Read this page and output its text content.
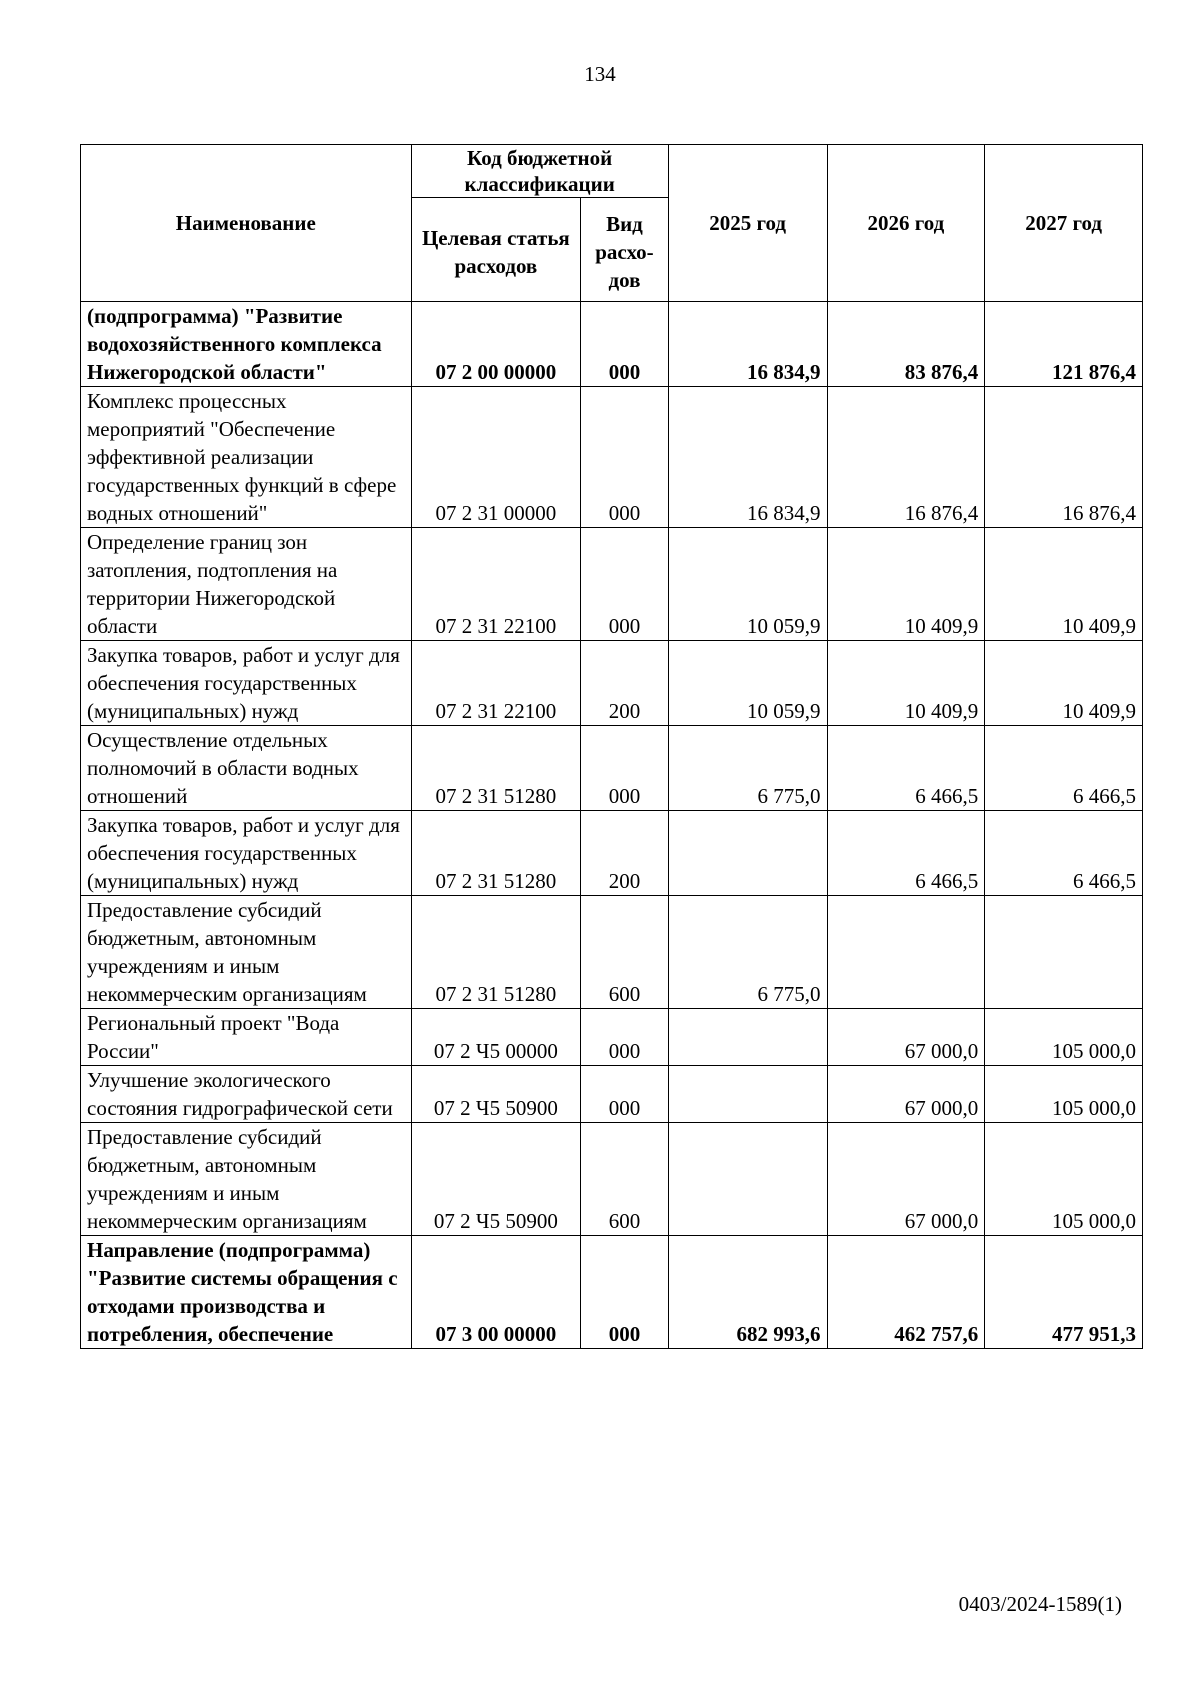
134
Наименование	Код бюджетной классификации		2025 год	2026 год	2027 год
	Целевая статья расходов	Вид расхо-дов			
(подпрограмма) "Развитие водохозяйственного комплекса Нижегородской области"	07 2 00 00000	000	16 834,9	83 876,4	121 876,4
Комплекс процессных мероприятий "Обеспечение эффективной реализации государственных функций в сфере водных отношений"	07 2 31 00000	000	16 834,9	16 876,4	16 876,4
Определение границ зон затопления, подтопления на территории Нижегородской области	07 2 31 22100	000	10 059,9	10 409,9	10 409,9
Закупка товаров, работ и услуг для обеспечения государственных (муниципальных) нужд	07 2 31 22100	200	10 059,9	10 409,9	10 409,9
Осуществление отдельных полномочий в области водных отношений	07 2 31 51280	000	6 775,0	6 466,5	6 466,5
Закупка товаров, работ и услуг для обеспечения государственных (муниципальных) нужд	07 2 31 51280	200		6 466,5	6 466,5
Предоставление субсидий бюджетным, автономным учреждениям и иным некоммерческим организациям	07 2 31 51280	600	6 775,0		
Региональный проект "Вода России"	07 2 Ч5 00000	000		67 000,0	105 000,0
Улучшение экологического состояния гидрографической сети	07 2 Ч5 50900	000		67 000,0	105 000,0
Предоставление субсидий бюджетным, автономным учреждениям и иным некоммерческим организациям	07 2 Ч5 50900	600		67 000,0	105 000,0
Направление (подпрограмма) "Развитие системы обращения с отходами производства и потребления, обеспечение	07 3 00 00000	000	682 993,6	462 757,6	477 951,3
0403/2024-1589(1)
